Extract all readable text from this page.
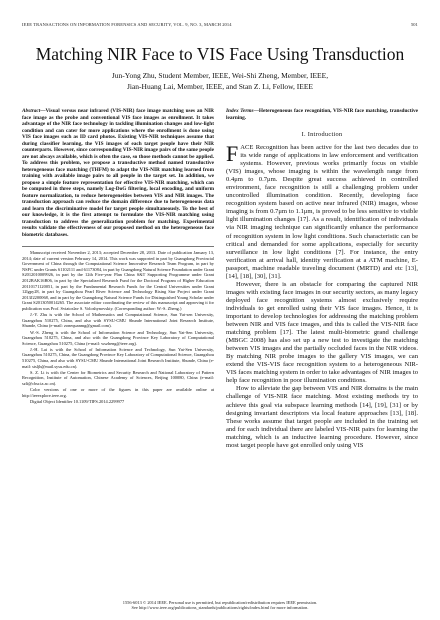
IEEE TRANSACTIONS ON INFORMATION FORENSICS AND SECURITY, VOL. 9, NO. 3, MARCH 2014	501
Matching NIR Face to VIS Face Using Transduction
Jun-Yong Zhu, Student Member, IEEE, Wei-Shi Zheng, Member, IEEE,
Jian-Huang Lai, Member, IEEE, and Stan Z. Li, Fellow, IEEE
Abstract—Visual versus near infrared (VIS-NIR) face image matching uses an NIR face image as the probe and conventional VIS face images as enrollment. It takes advantage of the NIR face technology in tackling illumination changes and low-light condition and can cater for more applications where the enrollment is done using VIS face images such as ID card photos. Existing VIS-NIR techniques assume that during classifier learning, the VIS images of each target people have their NIR counterparts. However, since corresponding VIS-NIR image pairs of the same people are not always available, which is often the case, so those methods cannot be applied. To address this problem, we propose a transductive method named transductive heterogeneous face matching (THFM) to adapt the VIS-NIR matching learned from training with available image pairs to all people in the target set. In addition, we propose a simple feature representation for effective VIS-NIR matching, which can be computed in three steps, namely Log-DoG filtering, local encoding, and uniform feature normalization, to reduce heterogeneities between VIS and NIR images. The transduction approach can reduce the domain difference due to heterogeneous data and learn the discriminative model for target people simultaneously. To the best of our knowledge, it is the first attempt to formulate the VIS-NIR matching using transduction to address the generalization problem for matching. Experimental results validate the effectiveness of our proposed method on the heterogeneous face biometric databases.

Manuscript received November 2, 2013; accepted December 28, 2013. Date of publication January 13, 2014; date of current version February 14, 2014. This work was supported in part by Guangdong Provincial Government of China through the Computational Science Innovative Research Team Program, in part by NSFC under Grants 61102111 and 61173084, in part by Guangdong Natural Science Foundation under Grant S2012010009926, in part by the 12th Five-year Plan China S&T Supporting Programme under Grant 2012BAK16B06, in part by the Specialized Research Fund for the Doctoral Program of Higher Education 20110171120051, in part by the Fundamental Research Funds for the Central Universities under Grant 12lgpy28, in part by Guangzhou Pearl River Science and Technology Rising Star Project under Grant 2013J2200068, and in part by the Guangdong Natural Science Funds for Distinguished Young Scholar under Grant S2013050014265. The associate editor coordinating the review of this manuscript and approving it for publication was Prof. Sviatoslav S. Voloshynovskiy. (Corresponding author: W.-S. Zheng.)

J.-Y. Zhu is with the School of Mathematics and Computational Science, Sun Yat-sen University, Guangzhou 510275, China, and also with SYSU-CMU Shunde International Joint Research Institute, Shunde, China (e-mail: zonequanmg@gmail.com).

W.-S. Zheng is with the School of Information Science and Technology, Sun Yat-Sen University, Guangzhou 510275, China, and also with the Guangdong Province Key Laboratory of Computational Science, Guangzhou 510275, China (e-mail: wszheng@ieee.org).

J.-H. Lai is with the School of Information Science and Technology, Sun Yat-Sen University, Guangzhou 510275, China, the Guangdong Province Key Laboratory of Computational Science, Guangzhou 510275, China, and also with SYSU-CMU Shunde International Joint Research Institute, Shunde, China (e-mail: stsljh@mail.sysu.edu.cn).

S. Z. Li is with the Center for Biometrics and Security Research and National Laboratory of Pattern Recognition, Institute of Automation, Chinese Academy of Sciences, Beijing 100080, China (e-mail: szli@cbsr.ia.ac.cn).

Color versions of one or more of the figures in this paper are available online at http://ieeexplore.ieee.org.

Digital Object Identifier 10.1109/TIFS.2014.2299977

Index Terms—Heterogeneous face recognition, VIS-NIR face matching, transductive learning.
I. Introduction

FACE Recognition has been active for the last two decades due to its wide range of applications in law enforcement and verification systems. However, previous works primarily focus on visible (VIS) images, whose imaging is within the wavelength range from 0.4μm to 0.7μm. Despite great success achieved in controlled environment, face recognition is still a challenging problem under uncontrolled illumination condition. Recently, developing face recognition system based on active near infrared (NIR) images, whose imaging is from 0.7μm to 1.1μm, is proved to be less sensitive to visible light illumination changes [17]. As a result, identification of individuals via NIR imaging technique can significantly enhance the performance of recognition system in low light conditions. Such characteristic can be critical and demanded for some applications, especially for security surveillance in low light conditions [7]. For instance, the entry verification at arrival hall, identity verification at a ATM machine, E-passport, machine readable traveling document (MRTD) and etc [13], [14], [18], [30], [31].

However, there is an obstacle for comparing the captured NIR images with existing face images in our security sectors, as many legacy deployed face recognition systems almost exclusively require individuals to get enrolled using their VIS face images. Hence, it is important to develop technologies for addressing the matching problem between NIR and VIS face images, and this is called the VIS-NIR face matching problem [17]. The latest multi-biometric grand challenge (MBGC 2008) has also set up a new test to investigate the matching between VIS images and the partially occluded faces in the NIR videos. By matching NIR probe images to the gallery VIS images, we can extend the VIS-VIS face recognition system to a heterogeneous NIR-VIS faces matching system in order to take advantages of NIR images to help face recognition in poor illumination conditions.

How to alleviate the gap between VIS and NIR domains is the main challenge of VIS-NIR face matching. Most existing methods try to achieve this goal via subspace learning methods [14], [19], [31] or by designing invariant descriptors via local feature approaches [13], [18]. These works assume that target people are included in the training set and for each individual there are labeled VIS-NIR pairs for learning the matching, which is an inductive learning procedure. However, since most target people have got enrolled only using VIS

1556-6013 © 2014 IEEE. Personal use is permitted, but republication/redistribution requires IEEE permission.
See http://www.ieee.org/publications_standards/publications/rights/index.html for more information.
